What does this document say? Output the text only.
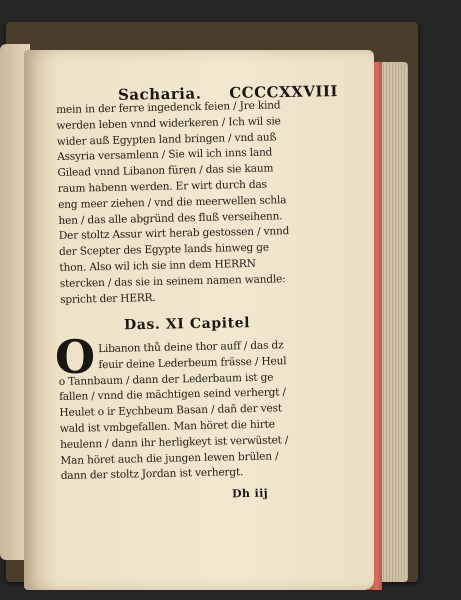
Sacharia. CCCCXXVIII
mein in der ferre ingedenck feien / Jre kind
werden leben vnnd widerkeren / Ich wil sie
wider auß Egypten land bringen / vnd auß
Assyria versamlenn / Sie wil ich inns land
Gilead vnnd Libanon füren / das sie kaum
raum habenn werden. Er wirt durch das
eng meer ziehen / vnd die meerwellen schla
hen / das alle abgründ des fluß verseihenn.
Der stoltz Assur wirt herab gestossen / vnnd
der Scepter des Egypte lands hinweg ge
thon. Also wil ich sie inn dem HERRN
stercken / das sie in seinem namen wandle:
spricht der HERR.
Das. XI Capitel
O Libanon thů deine thor auff / das dz
feuir deine Lederbeum frässe / Heul
o Tannbaum / dann der Lederbaum ist ge
fallen / vnnd die mächtigen seind verhergt /
Heulet o ir Eychbeum Basan / dañ der vest
wald ist vmbgefallen. Man höret die hirte
heulenn / dann ihr herligkeyt ist verwüstet /
Man höret auch die jungen lewen brülen /
dann der stoltz Jordan ist verhergt.
Dh iij
